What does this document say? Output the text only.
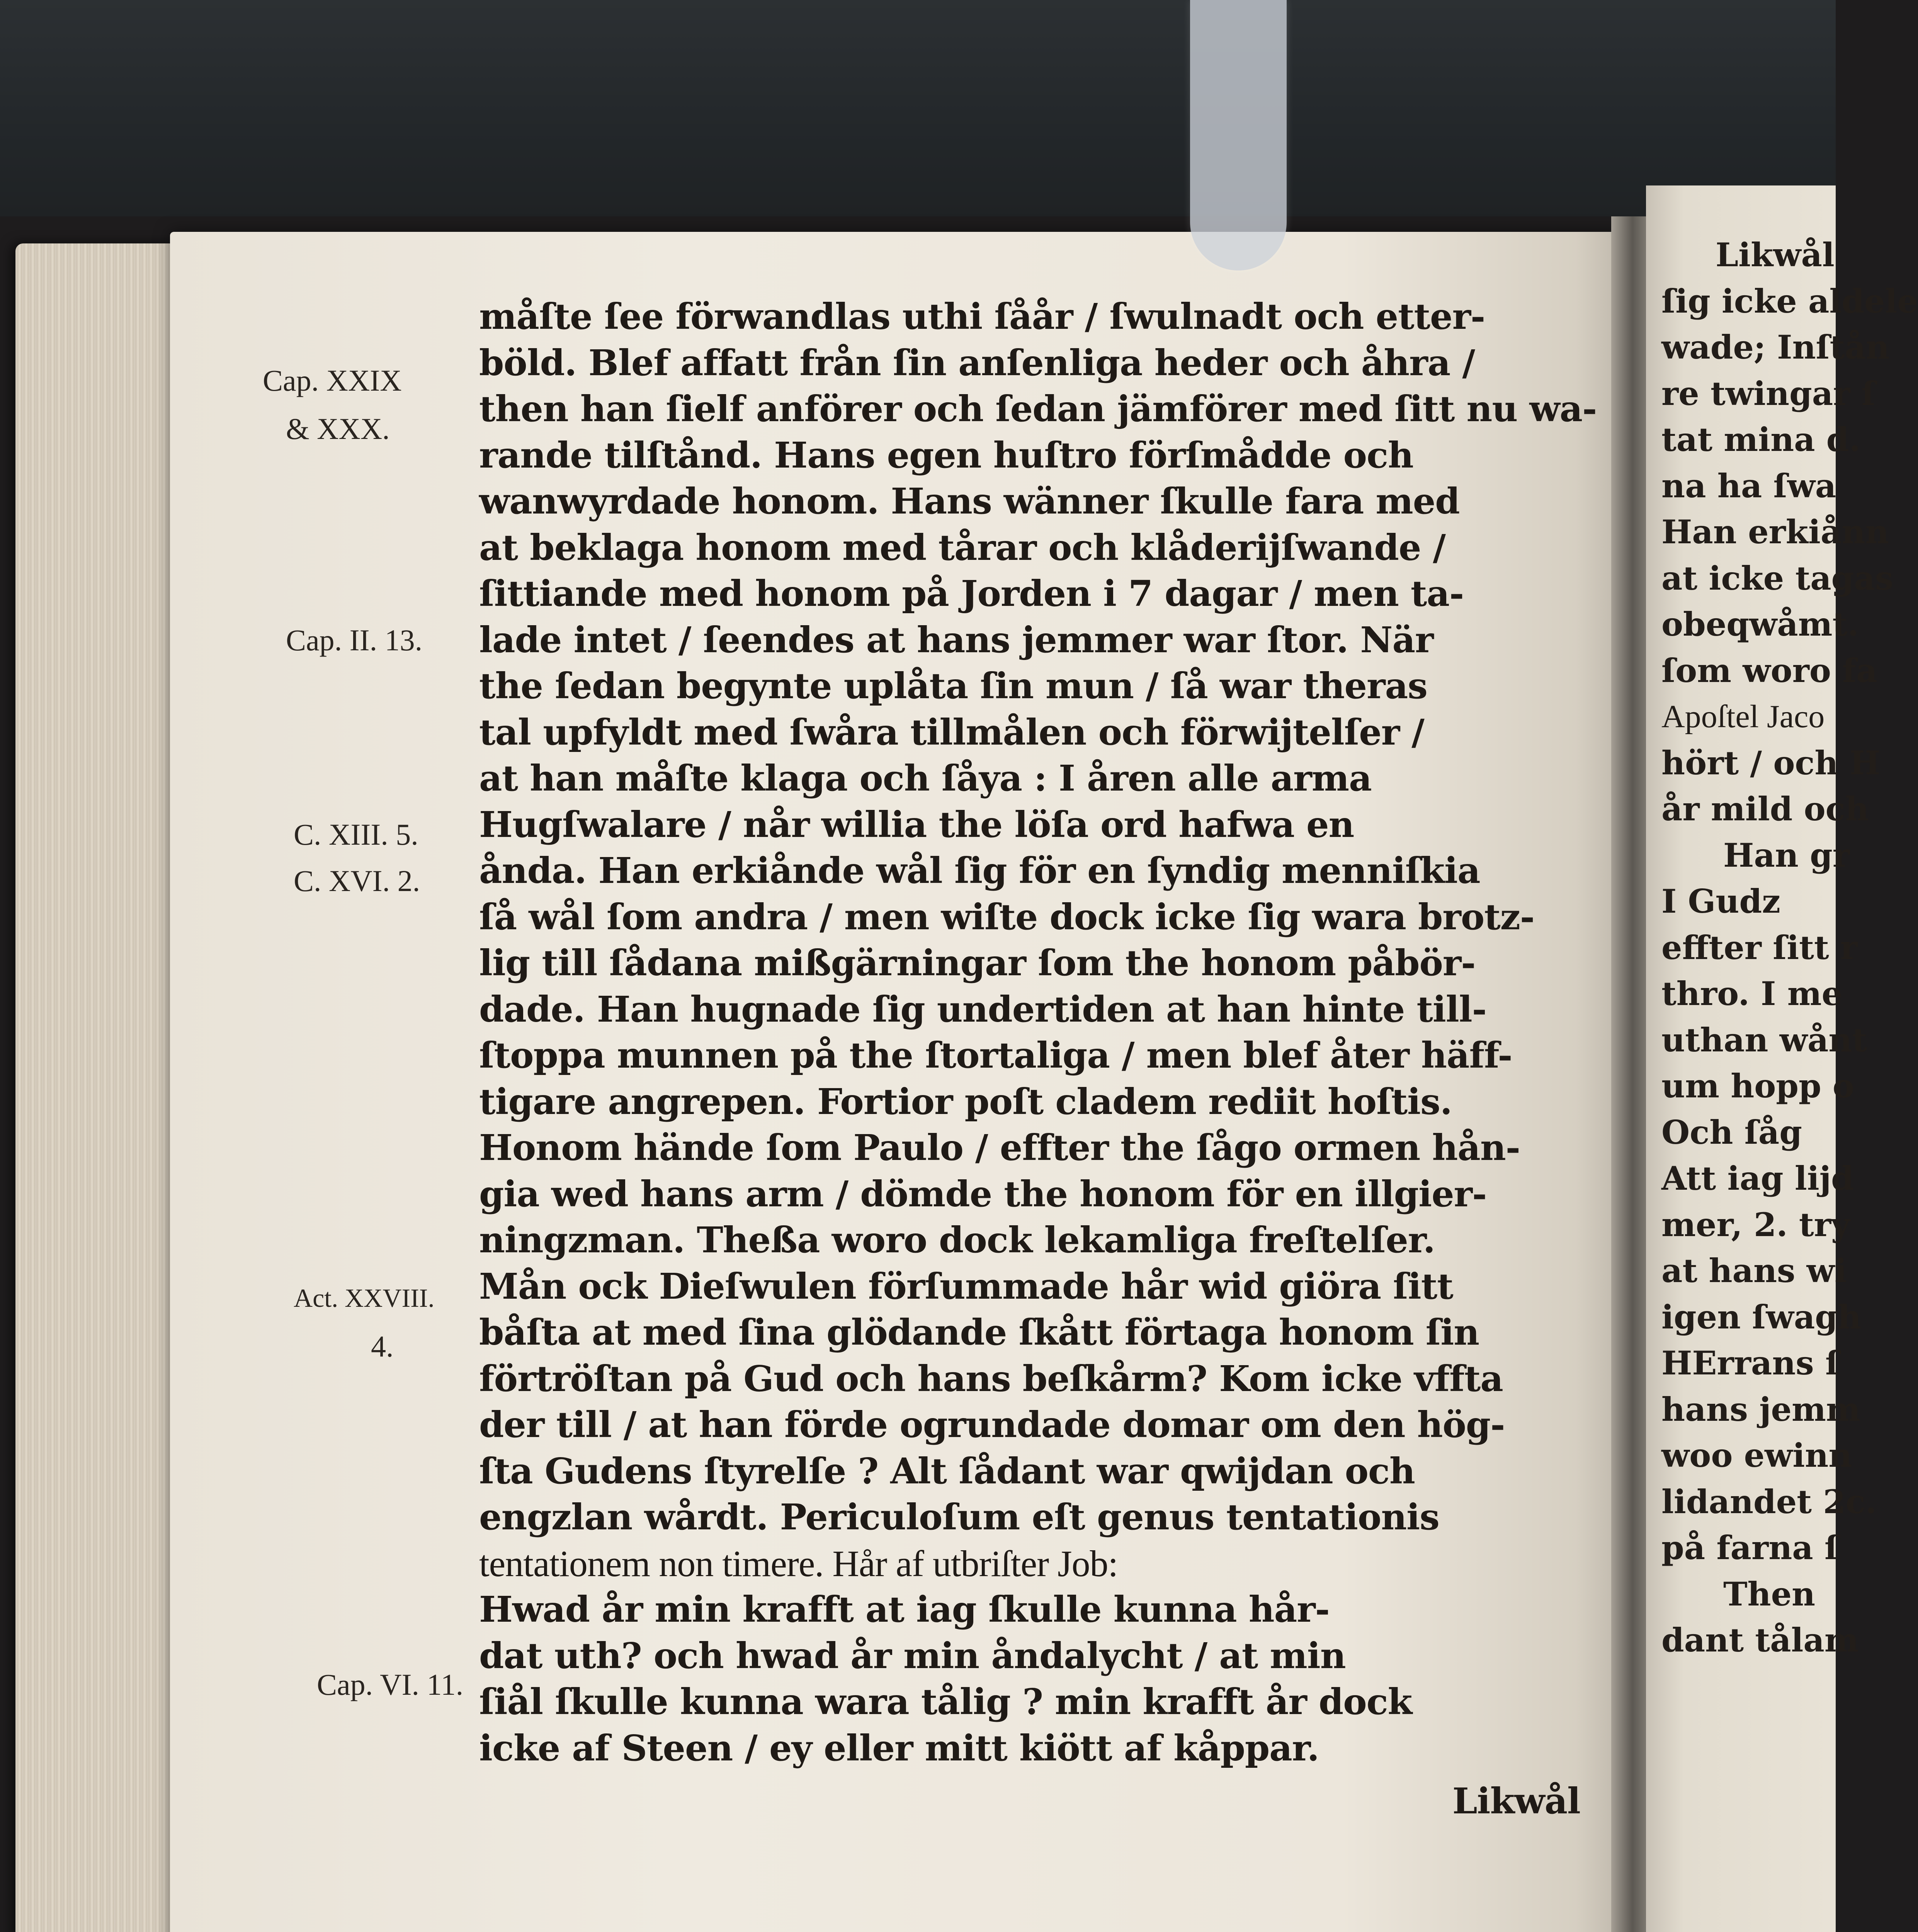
Likwål
ſig icke aldele
wade; Inſtån
re twingar ſ
tat mina d.
na ha ſwa
Han erkiånn
at icke tagas
obeqwåmt.
ſom woro fa
Apoſtel Jaco
hört / och H
år mild och
Han gr
I Gudz
effter ſitt r
thro. I me
uthan wånt
um hopp o
Och ſåg
Att iag lijd
mer, 2. try
at hans wi
igen ſwagh
HErrans ſ
hans jemm
woo ewinn
lidandet 2c.
på farna ſ
Then
dant tålam
Cap. XXIX
& XXX.
Cap. II. 13.
C. XIII. 5.
C. XVI. 2.
Act. XXVIII.
4.
Cap. VI. 11.
måſte ſee förwandlas uthi ſåår / ſwulnadt och etter-
böld. Blef affatt från ſin anſenliga heder och åhra /
then han ſielf anförer och ſedan jämförer med ſitt nu wa-
rande tilſtånd. Hans egen huſtro förſmådde och
wanwyrdade honom. Hans wänner ſkulle fara med
at beklaga honom med tårar och klåderijſwande /
ſittiande med honom på Jorden i 7 dagar / men ta-
lade intet / ſeendes at hans jemmer war ſtor. När
the ſedan begynte uplåta ſin mun / ſå war theras
tal upfyldt med ſwåra tillmålen och förwijtelſer /
at han måſte klaga och ſåya : I åren alle arma
Hugſwalare / når willia the löſa ord hafwa en
ånda. Han erkiånde wål ſig för en ſyndig menniſkia
ſå wål ſom andra / men wiſte dock icke ſig wara brotz-
lig till ſådana mißgärningar ſom the honom påbör-
dade. Han hugnade ſig undertiden at han hinte till-
ſtoppa munnen på the ſtortaliga / men blef åter häff-
tigare angrepen. Fortior poſt cladem rediit hoſtis.
Honom hände ſom Paulo / effter the ſågo ormen hån-
gia wed hans arm / dömde the honom för en illgier-
ningzman. Theßa woro dock lekamliga freſtelſer.
Mån ock Dieſwulen förſummade hår wid giöra ſitt
båſta at med ſina glödande ſkått förtaga honom ſin
förtröſtan på Gud och hans beſkårm? Kom icke vffta
der till / at han förde ogrundade domar om den hög-
ſta Gudens ſtyrelſe ? Alt ſådant war qwijdan och
engzlan wårdt. Periculoſum eſt genus tentationis
tentationem non timere. Hår af utbriſter Job:
Hwad år min krafft at iag ſkulle kunna hår-
dat uth? och hwad år min åndalycht / at min
ſiål ſkulle kunna wara tålig ? min krafft år dock
icke af Steen / ey eller mitt kiött af kåppar.
Likwål
